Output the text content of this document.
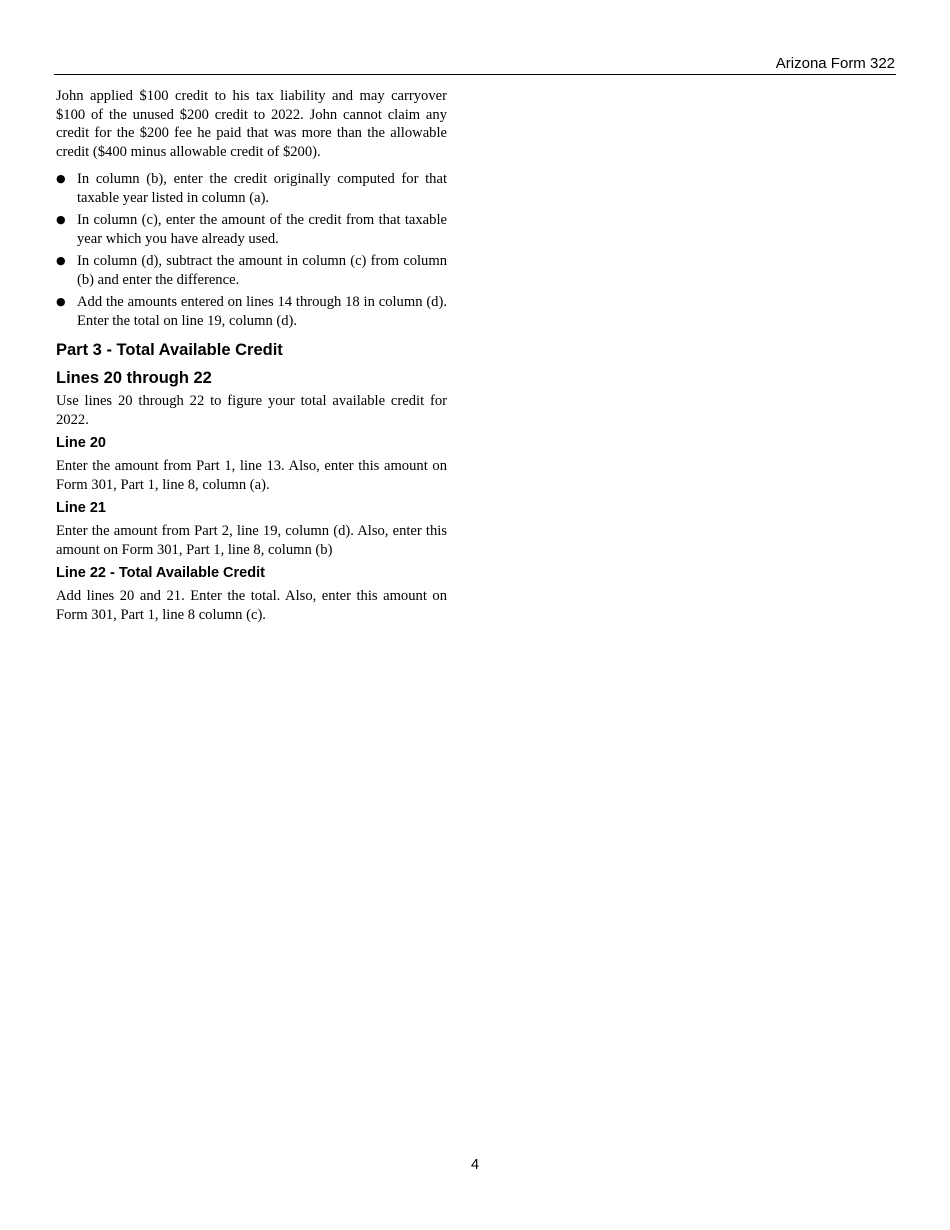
Arizona Form 322

John applied $100 credit to his tax liability and may carryover $100 of the unused $200 credit to 2022. John cannot claim any credit for the $200 fee he paid that was more than the allowable credit ($400 minus allowable credit of $200).

● In column (b), enter the credit originally computed for that taxable year listed in column (a).
● In column (c), enter the amount of the credit from that taxable year which you have already used.
● In column (d), subtract the amount in column (c) from column (b) and enter the difference.
● Add the amounts entered on lines 14 through 18 in column (d). Enter the total on line 19, column (d).
Part 3 - Total Available Credit
Lines 20 through 22

Use lines 20 through 22 to figure your total available credit for 2022.

Line 20

Enter the amount from Part 1, line 13. Also, enter this amount on Form 301, Part 1, line 8, column (a).

Line 21

Enter the amount from Part 2, line 19, column (d). Also, enter this amount on Form 301, Part 1, line 8, column (b)

Line 22 - Total Available Credit

Add lines 20 and 21. Enter the total. Also, enter this amount on Form 301, Part 1, line 8 column (c).

4
